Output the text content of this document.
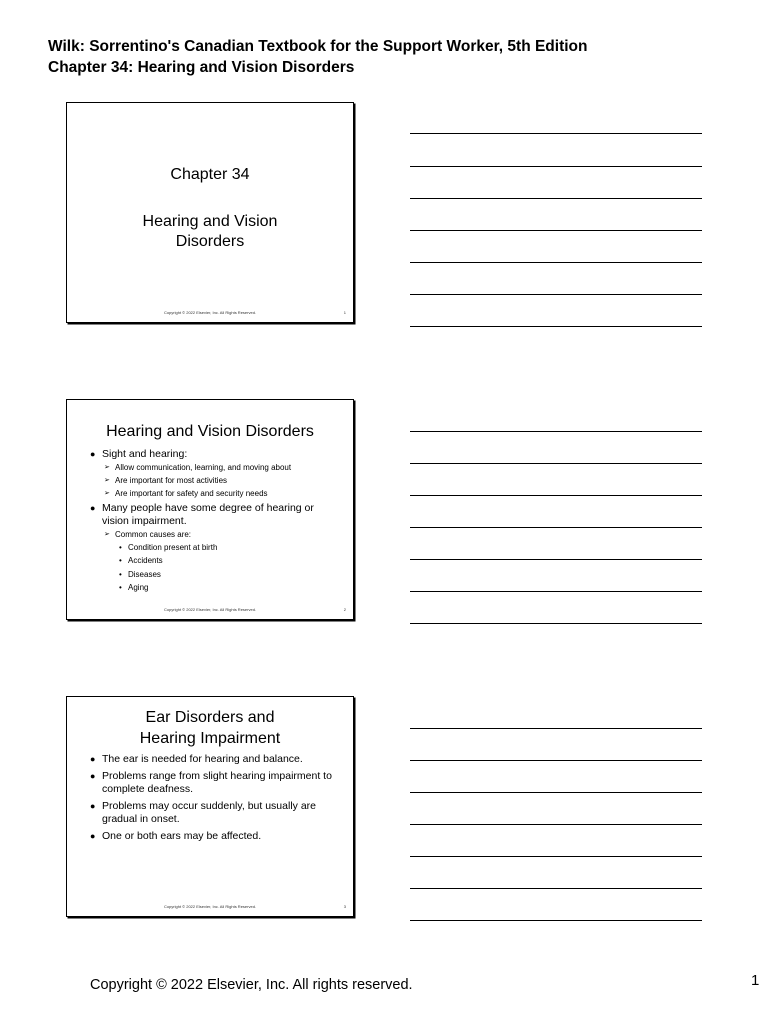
Wilk: Sorrentino's Canadian Textbook for the Support Worker, 5th Edition
Chapter 34: Hearing and Vision Disorders
Chapter 34
Hearing and Vision
Disorders
Copyright © 2022 Elsevier, Inc. All Rights Reserved.	1
Hearing and Vision Disorders
● Sight and hearing:
➢ Allow communication, learning, and moving about
➢ Are important for most activities
➢ Are important for safety and security needs
● Many people have some degree of hearing or vision impairment.
➢ Common causes are:
• Condition present at birth
• Accidents
• Diseases
• Aging
Copyright © 2022 Elsevier, Inc. All Rights Reserved.	2
Ear Disorders and
Hearing Impairment
● The ear is needed for hearing and balance.
● Problems range from slight hearing impairment to complete deafness.
● Problems may occur suddenly, but usually are gradual in onset.
● One or both ears may be affected.
Copyright © 2022 Elsevier, Inc. All Rights Reserved.	3
Copyright © 2022 Elsevier, Inc. All rights reserved.	1
